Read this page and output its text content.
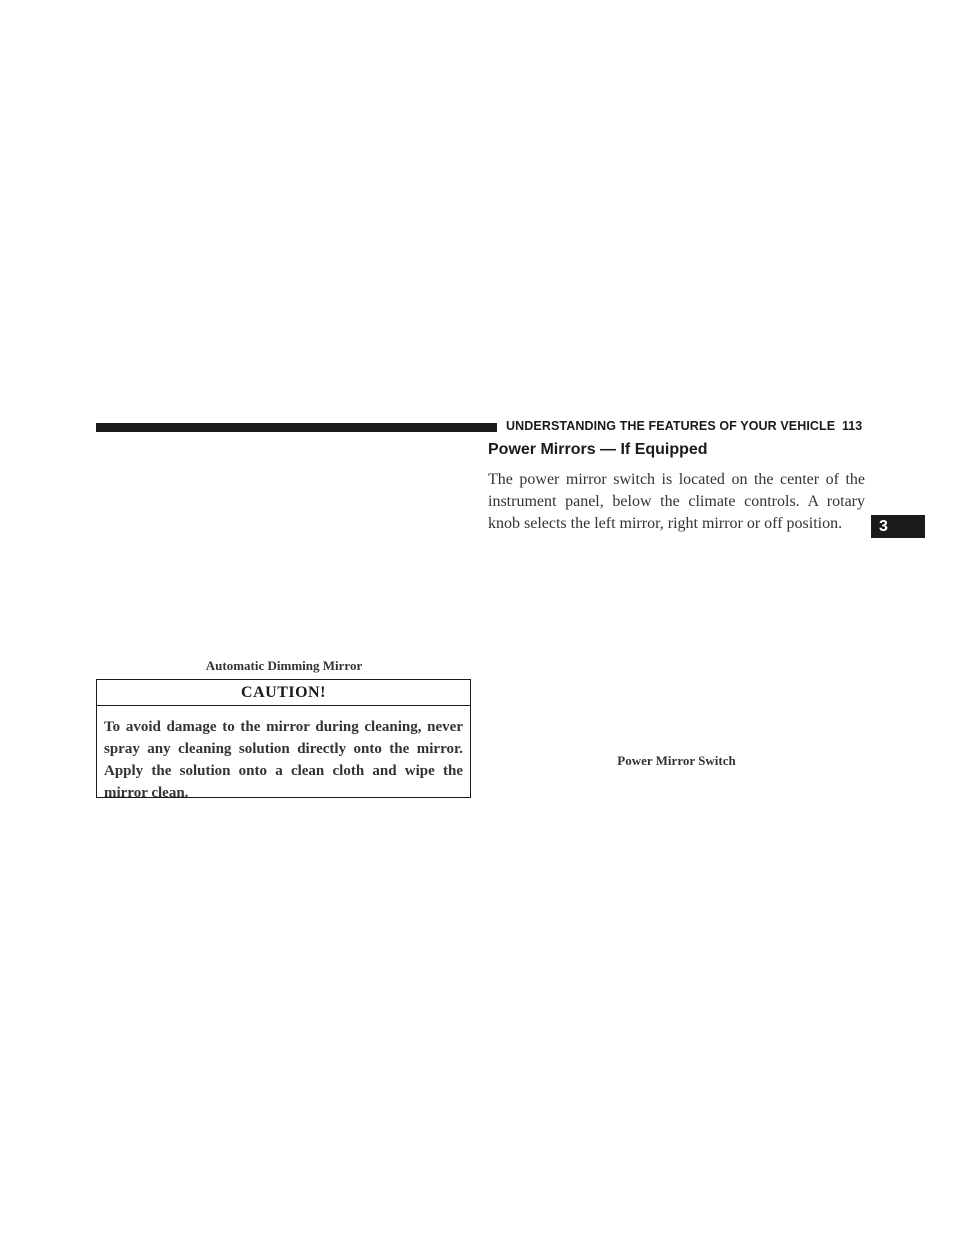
UNDERSTANDING THE FEATURES OF YOUR VEHICLE 113
Power Mirrors — If Equipped

The power mirror switch is located on the center of the instrument panel, below the climate controls. A rotary knob selects the left mirror, right mirror or off position.	3
Automatic Dimming Mirror
CAUTION!

To avoid damage to the mirror during cleaning, never spray any cleaning solution directly onto the mirror. Apply the solution onto a clean cloth and wipe the mirror clean.

Power Mirror Switch
